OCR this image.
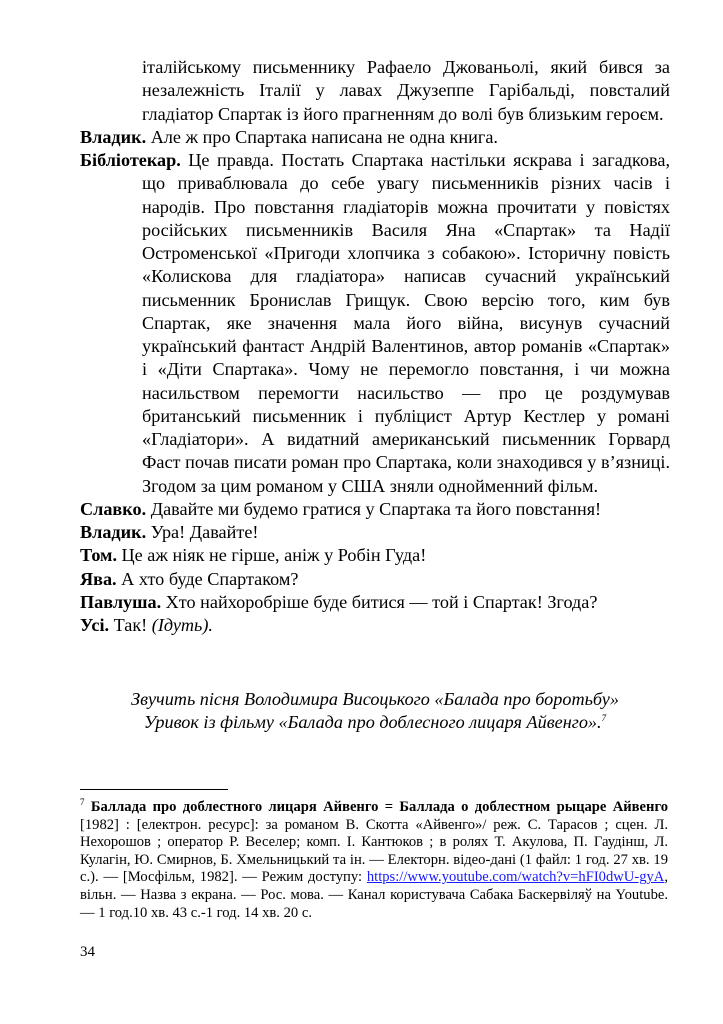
італійському письменнику Рафаело Джованьолі, який бився за незалежність Італії у лавах Джузеппе Гарібальді, повсталий гладіатор Спартак із його прагненням до волі був близьким героєм.

Владик. Але ж про Спартака написана не одна книга.

Бібліотекар. Це правда. Постать Спартака настільки яскрава і загадкова, що приваблювала до себе увагу письменників різних часів і народів. Про повстання гладіаторів можна прочитати у повістях російських письменників Василя Яна «Спартак» та Надії Остроменської «Пригоди хлопчика з собакою». Історичну повість «Колискова для гладіатора» написав сучасний український письменник Бронислав Грищук. Свою версію того, ким був Спартак, яке значення мала його війна, висунув сучасний український фантаст Андрій Валентинов, автор романів «Спартак» і «Діти Спартака». Чому не перемогло повстання, і чи можна насильством перемогти насильство — про це роздумував британський письменник і публіцист Артур Кестлер у романі «Гладіатори». А видатний американський письменник Горвард Фаст почав писати роман про Спартака, коли знаходився у в’язниці. Згодом за цим романом у США зняли однойменний фільм.

Славко. Давайте ми будемо гратися у Спартака та його повстання!

Владик. Ура! Давайте!

Том. Це аж ніяк не гірше, аніж у Робін Гуда!

Ява. А хто буде Спартаком?

Павлуша. Хто найхоробріше буде битися — той і Спартак! Згода?

Усі. Так! (Ідуть).

Звучить пісня Володимира Висоцького «Балада про боротьбу»
Уривок із фільму «Балада про доблесного лицаря Айвенго».$^7$
$^7$ Баллада про доблестного лицаря Айвенго = Баллада о доблестном рыцаре Айвенго [1982] : [електрон. ресурс]: за романом В. Скотта «Айвенго»/ реж. С. Тарасов ; сцен. Л. Нехорошов ; оператор Р. Веселер; комп. І. Кантюков ; в ролях Т. Акулова, П. Гаудінш, Л. Кулагін, Ю. Смирнов, Б. Хмельницький та ін. — Електорн. відео-дані (1 файл: 1 год. 27 хв. 19 с.). — [Мосфільм, 1982]. — Режим доступу: https://www.youtube.com/watch?v=hFI0dwU-gyA, вільн. — Назва з екрана. — Рос. мова. — Канал користувача Сабака Баскервіляў на Youtube. — 1 год.10 хв. 43 с.-1 год. 14 хв. 20 с.
34
